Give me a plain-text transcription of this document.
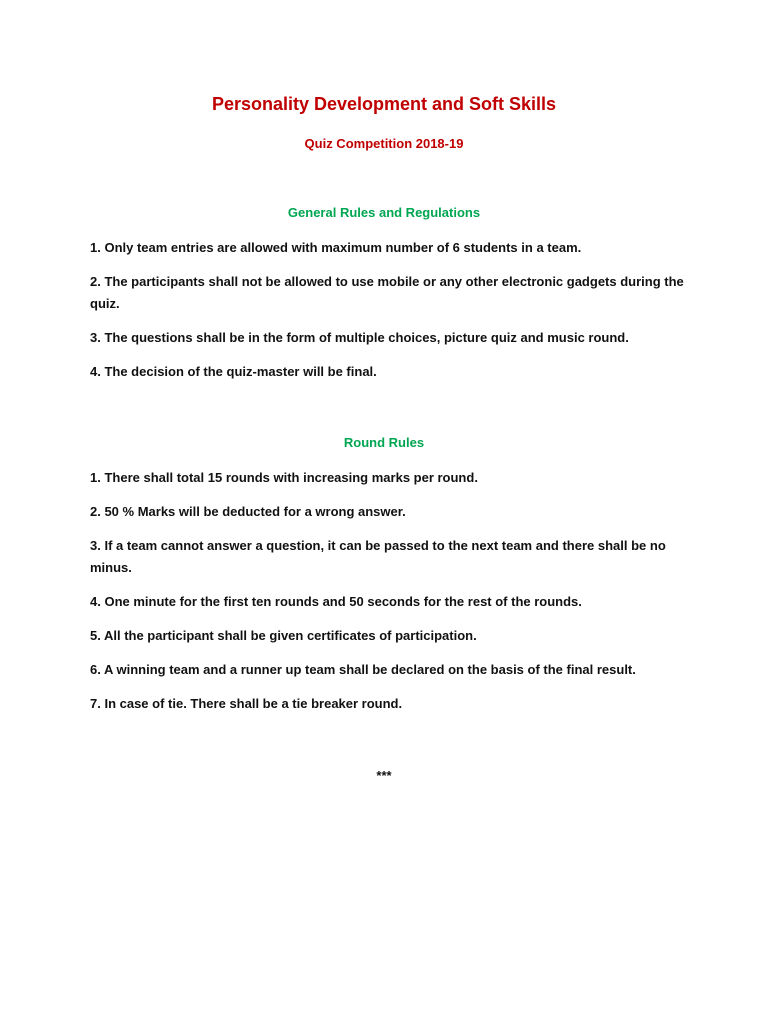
Personality Development and Soft Skills
Quiz Competition 2018-19
General Rules and Regulations
1. Only team entries are allowed with maximum number of 6 students in a team.
2. The participants shall not be allowed to use mobile or any other electronic gadgets during the quiz.
3. The questions shall be in the form of multiple choices, picture quiz and music round.
4. The decision of the quiz-master will be final.
Round Rules
1. There shall total 15 rounds with increasing marks per round.
2. 50 % Marks will be deducted for a wrong answer.
3. If a team cannot answer a question, it can be passed to the next team and there shall be no minus.
4. One minute for the first ten rounds and 50 seconds for the rest of the rounds.
5. All the participant shall be given certificates of participation.
6. A winning team and a runner up team shall be declared on the basis of the final result.
7. In case of tie. There shall be a tie breaker round.

***
